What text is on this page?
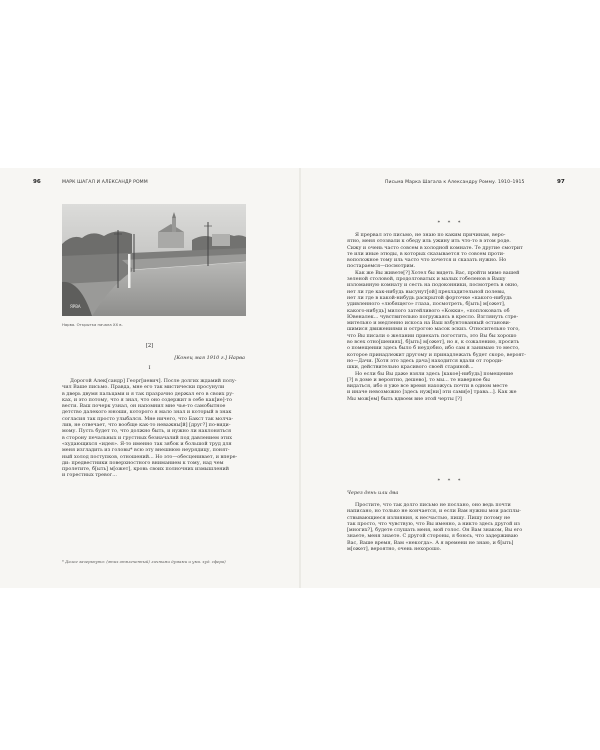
96	МАРК ШАГАЛ И АЛЕКСАНДР РОММ
ЯРВА
Нарва. Открытка начала XX в.
[2]
[Конец мая 1910 г.] Нарва
I
Дорогой Алек[сандр] Георг[иевич]. После долгих ждамий полу-
чил Ваше письмо. Правда, мне его так мистически просунули
в дверь двумя пальцами и я так празрачно держал его в своих ру-
ках, и это потому, что я знал, что оно содержит в себе как[ие]-то
вести. Ваш почерк узнал, он напомнил мне чье-то самобытное
детство далекого юноши, которого я мало знал и который в знак
согласия так просто улыбался. Мне ничего, что Бакст так молча-
лив, не отвечает, что вообще как-то неважны[й] [друг?] по-види-
мому. Пусть будет то, что должно быть, и нужно ли наклоняться
в сторону печальных и грустных безначалий под давлением этих
«худающихся «идея». Я-то именно так зябок и большой труд для
меня изгладить из головы* всю эту внешнюю неурядицу, понят-
ный холод поступков, отношений... Но это—обесценивает, и впере-
ди: предвестники поверхностного вниманием к тому, над чем
пролетите, б[ыть] м[ожет], кровь своих полночних измышлений
и горестных тревог...
* Далее зачеркнуто: (этих отвлеченный) личными думами и ума. худ. сфера)
Письма Марка Шагала к Александру Ромму. 1910–1915	97
* * *
Я прервал это письмо, не знаю по каким причинам, веро-
ятно, меня отозвали к обеду иль ужину ить что-то в этом роде.
Сижу и очень часто совсем в холодной комнате. Те другие смотрит
те или иные этюды, в которых сказывается то совсем проти-
воположное тому иль часто что хочется и сказать нужно. Но
постараемся—посмотрим.
Как же Вы живете[?] Хотел бы видеть Вас, пройти мимо вашей
зеленой столовой, продолговатых и малых гобеленов в Вашу
изломанную комнату и сесть на подоконники, посмотреть в окно,
нет ли где как-нибудь высунут[ой] прехладительной полевы,
нет ли где в какой-нибудь раскрытой форточке «какого-нибудь
удивленного «любящего» глаза, посмотреть, б[ыть] м[ожет],
какого-нибудь] милого затейливого «Кокки», «поплоковать об
Ювеналек... чувствительно погружаясь в кресло. Взглянуть стре-
мительно и медленно искоса на Ваш взбунтованный останови-
шимися движениями и острогою масок эскиз. Относительно того,
что Вы писали о желании приехать погостить, это Вы бы хорошо
во всех отно[шениях], б[ыть] м[ожет], но я, к сожалению, просить
о помещении здесь было б неудобно, ибо сам я занимаю то место,
которое принадлежит другому и принадлежать будет скоро, вероят-
но—Дачи. [Хотя это здесь дача] находится вдали от городи-
шки, действительно красивого своей стариной...
Но если бы Вы даже взяли здесь [какое]-нибудь] помещение
[?] в доме и вероятно, дешево], то мы... те наверное бы
видаться, ибо я уже все время нахожусь почти в одном месте
и иначе невозможно [здесь нуж[ни] эти сами[е] трава...]. Как же
Мы мож[ем] быть вдвоем вне этой черты [?]
* * *
Через день или два
Простите, что так долго письмо не послано, оно ведь почти
написано, но только не кончается, и если Вам нужны мои расплы-
ствывающиеся излияния, к несчастью, пишу. Пишу потому не
так просто, что чувствую, что Вы именно, а никто здесь другой из
[многих?], будете слушать меня, мой голос. Он Вам знаком, Вы его
знаете, меня знаете. С другой стороны, я боюсь, что задерживаю
Вас, Ваше время, Вам «некогда». А я времени не знаю, и б[ыть]
м[ожет], вероятно, очень нехорошо.
